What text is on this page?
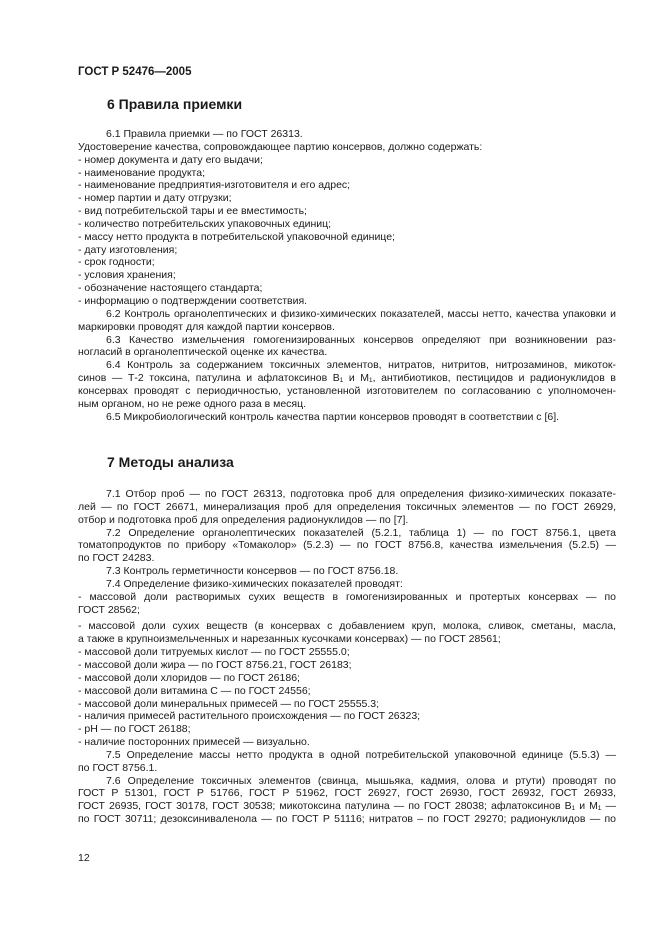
ГОСТ Р 52476—2005
6 Правила приемки

6.1 Правила приемки — по ГОСТ 26313.

Удостоверение качества, сопровождающее партию консервов, должно содержать:

- номер документа и дату его выдачи;

- наименование продукта;

- наименование предприятия-изготовителя и его адрес;

- номер партии и дату отгрузки;

- вид потребительской тары и ее вместимость;

- количество потребительских упаковочных единиц;

- массу нетто продукта в потребительской упаковочной единице;

- дату изготовления;

- срок годности;

- условия хранения;

- обозначение настоящего стандарта;

- информацию о подтверждении соответствия.

6.2 Контроль органолептических и физико-химических показателей, массы нетто, качества упаковки и

маркировки проводят для каждой партии консервов.

6.3 Качество измельчения гомогенизированных консервов определяют при возникновении раз-

ногласий в органолептической оценке их качества.

6.4 Контроль за содержанием токсичных элементов, нитратов, нитритов, нитрозаминов, микоток-

синов — Т-2 токсина, патулина и афлатоксинов В₁ и М₁, антибиотиков, пестицидов и радионуклидов в

консервах проводят с периодичностью, установленной изготовителем по согласованию с уполномочен-

ным органом, но не реже одного раза в месяц.

6.5 Микробиологический контроль качества партии консервов проводят в соответствии с [6].

7 Методы анализа

7.1 Отбор проб — по ГОСТ 26313, подготовка проб для определения физико-химических показате-

лей — по ГОСТ 26671, минерализация проб для определения токсичных элементов — по ГОСТ 26929,

отбор и подготовка проб для определения радионуклидов — по [7].

7.2 Определение органолептических показателей (5.2.1, таблица 1) — по ГОСТ 8756.1, цвета

томатопродуктов по прибору «Томаколор» (5.2.3) — по ГОСТ 8756.8, качества измельчения (5.2.5) —

по ГОСТ 24283.

7.3 Контроль герметичности консервов — по ГОСТ 8756.18.

7.4 Определение физико-химических показателей проводят:

- массовой доли растворимых сухих веществ в гомогенизированных и протертых консервах — по

ГОСТ 28562;

- массовой доли сухих веществ (в консервах с добавлением круп, молока, сливок, сметаны, масла,

а также в крупноизмельченных и нарезанных кусочками консервах) — по ГОСТ 28561;

- массовой доли титруемых кислот — по ГОСТ 25555.0;

- массовой доли жира — по ГОСТ 8756.21, ГОСТ 26183;

- массовой доли хлоридов — по ГОСТ 26186;

- массовой доли витамина С — по ГОСТ 24556;

- массовой доли минеральных примесей — по ГОСТ 25555.3;

- наличия примесей растительного происхождения — по ГОСТ 26323;

- рН — по ГОСТ 26188;

- наличие посторонних примесей — визуально.

7.5 Определение массы нетто продукта в одной потребительской упаковочной единице (5.5.3) —

по ГОСТ 8756.1.

7.6 Определение токсичных элементов (свинца, мышьяка, кадмия, олова и ртути) проводят по

ГОСТ Р 51301, ГОСТ Р 51766, ГОСТ Р 51962, ГОСТ 26927, ГОСТ 26930, ГОСТ 26932, ГОСТ 26933,

ГОСТ 26935, ГОСТ 30178, ГОСТ 30538; микотоксина патулина — по ГОСТ 28038; афлатоксинов В₁ и М₁ —

по ГОСТ 30711; дезоксиниваленола — по ГОСТ Р 51116; нитратов – по ГОСТ 29270; радионуклидов — по

12
